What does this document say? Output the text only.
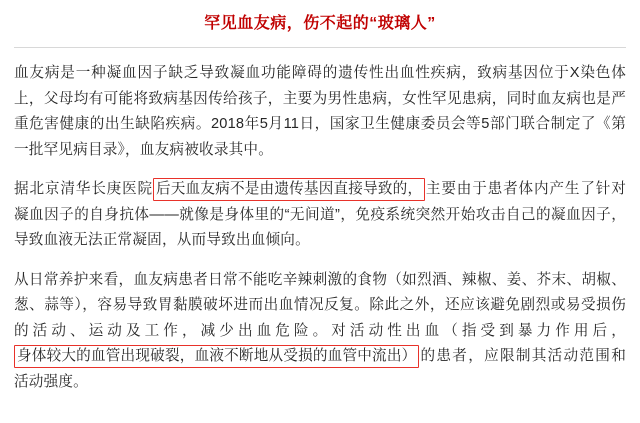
罕见血友病，伤不起的“玻璃人”

血友病是一种凝血因子缺乏导致凝血功能障碍的遗传性出血性疾病，致病基因位于X染色体上，父母均有可能将致病基因传给孩子，主要为男性患病，女性罕见患病，同时血友病也是严重危害健康的出生缺陷疾病。2018年5月11日，国家卫生健康委员会等5部门联合制定了《第一批罕见病目录》，血友病被收录其中。

据北京清华长庚医院 后天血友病不是由遗传基因直接导致的， 主要由于患者体内产生了针对凝血因子的自身抗体——就像是身体里的“无间道”，免疫系统突然开始攻击自己的凝血因子，导致血液无法正常凝固，从而导致出血倾向。

从日常养护来看，血友病患者日常不能吃辛辣刺激的食物（如烈酒、辣椒、姜、芥末、胡椒、葱、蒜等），容易导致胃黏膜破坏进而出血情况反复。除此之外，还应该避免剧烈或易受损伤的活动、运动及工作，减少出血危险。对活动性出血（指受到暴力作用后，身体较大的血管出现破裂，血液不断地从受损的血管中流出） 的患者，应限制其活动范围和活动强度。
